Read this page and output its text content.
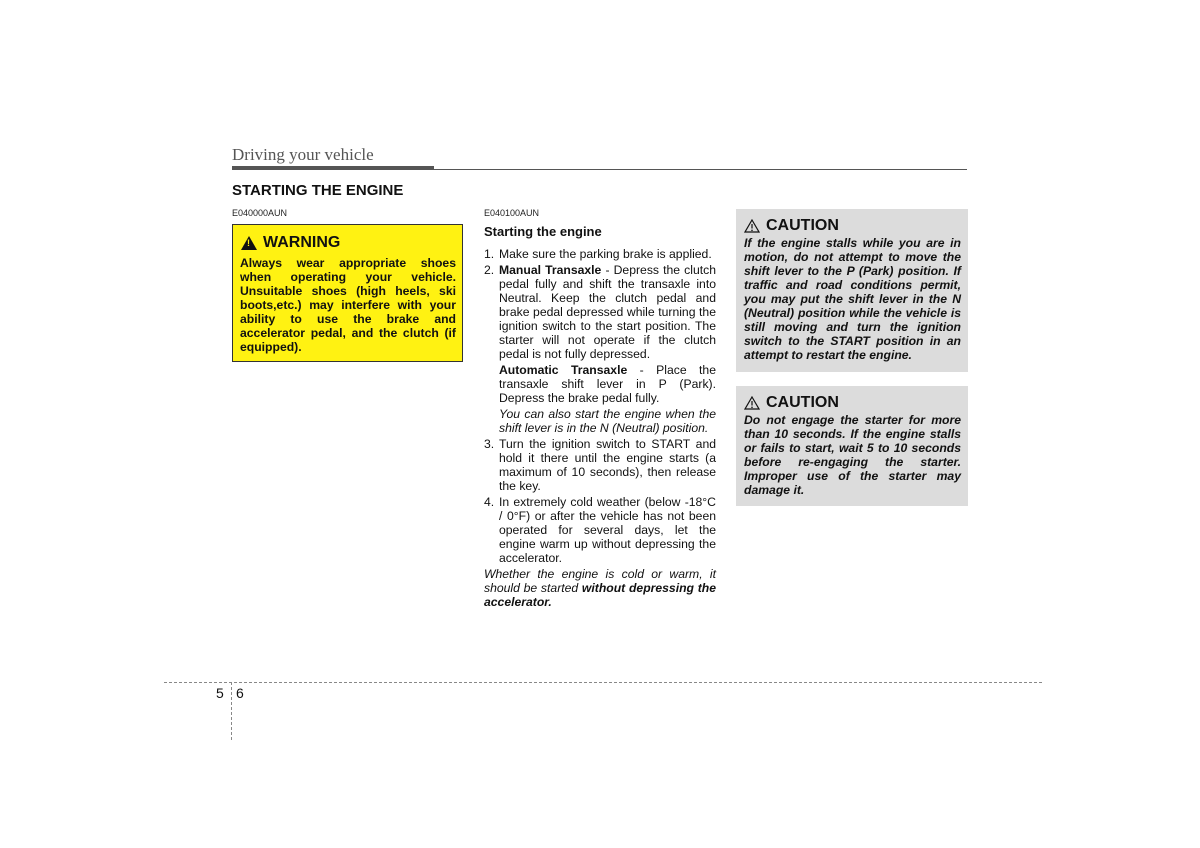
Driving your vehicle
STARTING THE ENGINE
E040000AUN
!
WARNING
Always wear appropriate shoes when operating your vehicle. Unsuitable shoes (high heels, ski boots,etc.) may interfere with your ability to use the brake and accelerator pedal, and the clutch (if equipped).
E040100AUN
Starting the engine
1. Make sure the parking brake is applied.
2. Manual Transaxle - Depress the clutch pedal fully and shift the transaxle into Neutral. Keep the clutch pedal and brake pedal depressed while turning the ignition switch to the start position. The starter will not operate if the clutch pedal is not fully depressed.
Automatic Transaxle - Place the transaxle shift lever in P (Park). Depress the brake pedal fully.
You can also start the engine when the shift lever is in the N (Neutral) position.
3. Turn the ignition switch to START and hold it there until the engine starts (a maximum of 10 seconds), then release the key.
4. In extremely cold weather (below -18°C / 0°F) or after the vehicle has not been operated for several days, let the engine warm up without depressing the accelerator.
Whether the engine is cold or warm, it should be started without depressing the accelerator.
CAUTION
If the engine stalls while you are in motion, do not attempt to move the shift lever to the P (Park) position. If traffic and road conditions permit, you may put the shift lever in the N (Neutral) position while the vehicle is still moving and turn the ignition switch to the START position in an attempt to restart the engine.
CAUTION
Do not engage the starter for more than 10 seconds. If the engine stalls or fails to start, wait 5 to 10 seconds before re-engaging the starter. Improper use of the starter may damage it.
5 6
